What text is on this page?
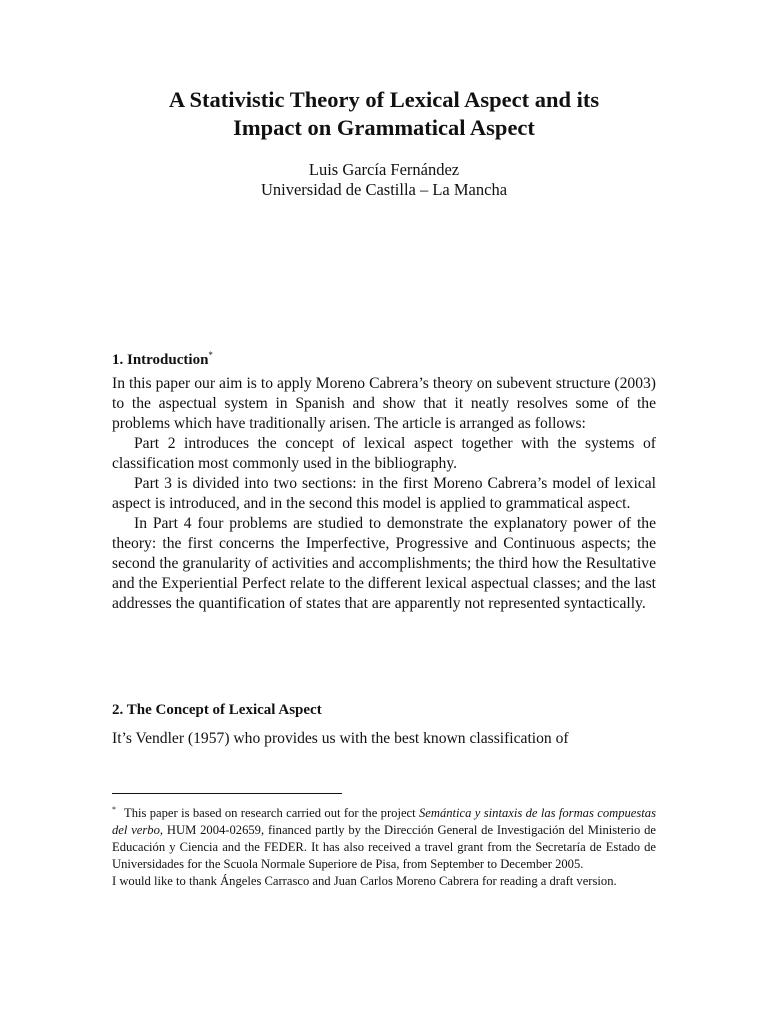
A Stativistic Theory of Lexical Aspect and its
Impact on Grammatical Aspect
Luis García Fernández
Universidad de Castilla – La Mancha
1. Introduction*

In this paper our aim is to apply Moreno Cabrera’s theory on subevent structure (2003) to the aspectual system in Spanish and show that it neatly resolves some of the problems which have traditionally arisen. The article is arranged as follows:

Part 2 introduces the concept of lexical aspect together with the systems of classification most commonly used in the bibliography.

Part 3 is divided into two sections: in the first Moreno Cabrera’s model of lexical aspect is introduced, and in the second this model is applied to grammatical aspect.

In Part 4 four problems are studied to demonstrate the explanatory power of the theory: the first concerns the Imperfective, Progressive and Continuous aspects; the second the granularity of activities and accomplishments; the third how the Resultative and the Experiential Perfect relate to the different lexical aspectual classes; and the last addresses the quantification of states that are apparently not represented syntactically.

2. The Concept of Lexical Aspect

It’s Vendler (1957) who provides us with the best known classification of

* This paper is based on research carried out for the project Semántica y sintaxis de las formas compuestas del verbo, HUM 2004-02659, financed partly by the Dirección General de Investigación del Ministerio de Educación y Ciencia and the FEDER. It has also received a travel grant from the Secretaría de Estado de Universidades for the Scuola Normale Superiore de Pisa, from September to December 2005.

I would like to thank Ángeles Carrasco and Juan Carlos Moreno Cabrera for reading a draft version.
